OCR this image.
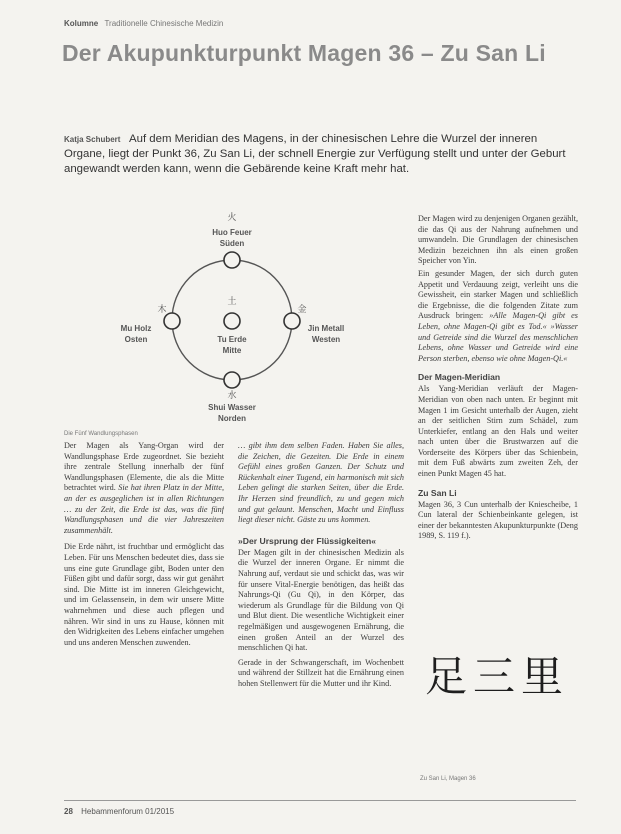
Kolumne Traditionelle Chinesische Medizin
Der Akupunkturpunkt Magen 36 – Zu San Li
Katja Schubert Auf dem Meridian des Magens, in der chinesischen Lehre die Wurzel der inneren Organe, liegt der Punkt 36, Zu San Li, der schnell Energie zur Verfügung stellt und unter der Geburt angewandt werden kann, wenn die Gebärende keine Kraft mehr hat.
火
Huo Feuer
Süden
木
Mu Holz
Osten
土
Tu Erde
Mitte
金
Jin Metall
Westen
水
Shui Wasser
Norden
Die Fünf Wandlungsphasen

Der Magen als Yang-Organ wird der Wandlungsphase Erde zugeordnet. Sie bezieht ihre zentrale Stellung innerhalb der fünf Wandlungsphasen (Elemente, die als die Mitte betrachtet wird. Sie hat ihren Platz in der Mitte, an der es ausgeglichen ist in allen Richtungen … zu der Zeit, die Erde ist das, was die fünf Wandlungsphasen und die vier Jahreszeiten zusammenhält.

Die Erde nährt, ist fruchtbar und ermöglicht das Leben. Für uns Menschen bedeutet dies, dass sie uns eine gute Grundlage gibt, Boden unter den Füßen gibt und dafür sorgt, dass wir gut genährt sind. Die Mitte ist im inneren Gleichgewicht, und im Gelassensein, in dem wir unsere Mitte wahrnehmen und diese auch pflegen und nähren. Wir sind in uns zu Hause, können mit den Widrigkeiten des Lebens einfacher umgehen und uns anderen Menschen zuwenden.

… gibt ihm dem selben Faden. Haben Sie alles, die Zeichen, die Gezeiten. Die Erde in einem Gefühl eines großen Ganzen. Der Schutz und Rückenhalt einer Tugend, ein harmonisch mit sich Leben gelingt die starken Seiten, über die Erde. Ihr Herzen sind freundlich, zu und gegen mich und gut gelaunt. Menschen, Macht und Einfluss liegt dieser nicht. Gäste zu uns kommen.

»Der Ursprung der Flüssigkeiten«

Der Magen gilt in der chinesischen Medizin als die Wurzel der inneren Organe. Er nimmt die Nahrung auf, verdaut sie und schickt das, was wir für unsere Vital-Energie benötigen, das heißt das Nahrungs-Qi (Gu Qi), in den Körper, das wiederum als Grundlage für die Bildung von Qi und Blut dient. Die wesentliche Wichtigkeit einer regelmäßigen und ausgewogenen Ernährung, die einen großen Anteil an der Wurzel des menschlichen Qi hat.

Gerade in der Schwangerschaft, im Wochenbett und während der Stillzeit hat die Ernährung einen hohen Stellenwert für die Mutter und ihr Kind.

Der Magen wird zu denjenigen Organen gezählt, die das Qi aus der Nahrung aufnehmen und umwandeln. Die Grundlagen der chinesischen Medizin bezeichnen ihn als einen großen Speicher von Yin.

Ein gesunder Magen, der sich durch guten Appetit und Verdauung zeigt, verleiht uns die Gewissheit, ein starker Magen und schließlich die Ergebnisse, die die folgenden Zitate zum Ausdruck bringen: »Alle Magen-Qi gibt es Leben, ohne Magen-Qi gibt es Tod.« »Wasser und Getreide sind die Wurzel des menschlichen Lebens, ohne Wasser und Getreide wird eine Person sterben, ebenso wie ohne Magen-Qi.«

Der Magen-Meridian

Als Yang-Meridian verläuft der Magen-Meridian von oben nach unten. Er beginnt mit Magen 1 im Gesicht unterhalb der Augen, zieht an der seitlichen Stirn zum Schädel, zum Unterkiefer, entlang an den Hals und weiter nach unten über die Brustwarzen auf die Vorderseite des Körpers über das Schienbein, mit dem Fuß abwärts zum zweiten Zeh, der einen Punkt Magen 45 hat.

Zu San Li

Magen 36, 3 Cun unterhalb der Kniescheibe, 1 Cun lateral der Schienbeinkante gelegen, ist einer der bekanntesten Akupunkturpunkte (Deng 1989, S. 119 f.).

足三里
Zu San Li, Magen 36
28 Hebammenforum 01/2015
